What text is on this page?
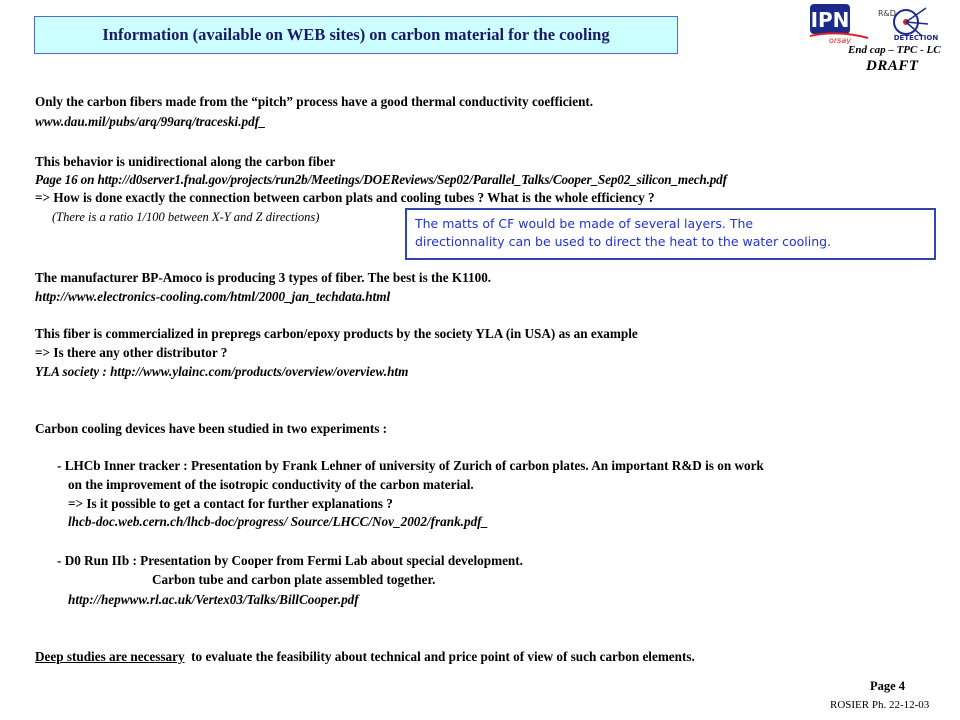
Information (available on WEB sites) on carbon material for the cooling
IPN
orsay
R&D
DETECTION
End cap – TPC - LC
DRAFT
Only the carbon fibers made from the “pitch” process have a good thermal conductivity coefficient.
www.dau.mil/pubs/arq/99arq/traceski.pdf_
This behavior is unidirectional along the carbon fiber
Page 16 on http://d0server1.fnal.gov/projects/run2b/Meetings/DOEReviews/Sep02/Parallel_Talks/Cooper_Sep02_silicon_mech.pdf
=> How is done exactly the connection between carbon plats and cooling tubes ? What is the whole efficiency ?
(There is a ratio 1/100 between X-Y and Z directions)	The matts of CF would be made of several layers. The
directionnality can be used to direct the heat to the water cooling.
The manufacturer BP-Amoco is producing 3 types of fiber. The best is the K1100.
http://www.electronics-cooling.com/html/2000_jan_techdata.html
This fiber is commercialized in prepregs carbon/epoxy products by the society YLA (in USA) as an example
=> Is there any other distributor ?
YLA society : http://www.ylainc.com/products/overview/overview.htm
Carbon cooling devices have been studied in two experiments :
- LHCb Inner tracker : Presentation by Frank Lehner of university of Zurich of carbon plates. An important R&D is on work
on the improvement of the isotropic conductivity of the carbon material.
=> Is it possible to get a contact for further explanations ?
lhcb-doc.web.cern.ch/lhcb-doc/progress/ Source/LHCC/Nov_2002/frank.pdf_
- D0 Run IIb : Presentation by Cooper from Fermi Lab about special development.
Carbon tube and carbon plate assembled together.
http://hepwww.rl.ac.uk/Vertex03/Talks/BillCooper.pdf
Deep studies are necessary  to evaluate the feasibility about technical and price point of view of such carbon elements.
Page 4
ROSIER Ph. 22-12-03
